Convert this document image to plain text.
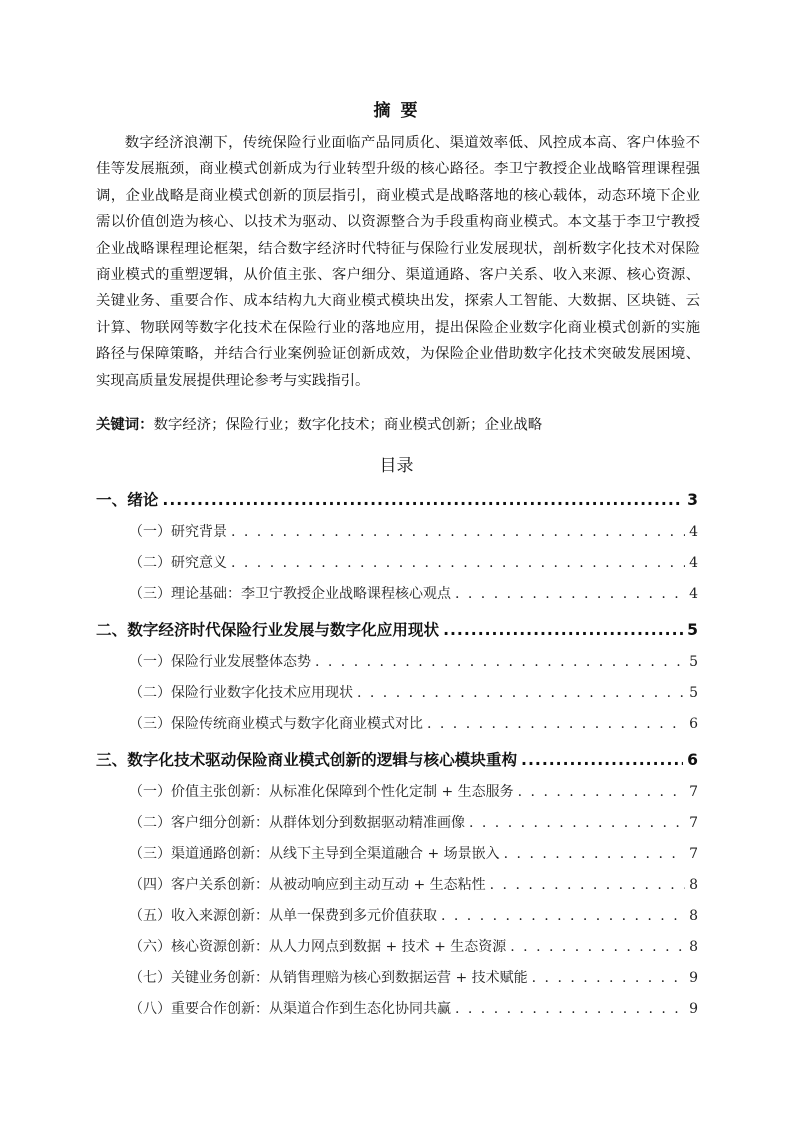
摘 要

数字经济浪潮下，传统保险行业面临产品同质化、渠道效率低、风控成本高、客户体验不佳等发展瓶颈，商业模式创新成为行业转型升级的核心路径。李卫宁教授企业战略管理课程强调，企业战略是商业模式创新的顶层指引，商业模式是战略落地的核心载体，动态环境下企业需以价值创造为核心、以技术为驱动、以资源整合为手段重构商业模式。本文基于李卫宁教授企业战略课程理论框架，结合数字经济时代特征与保险行业发展现状，剖析数字化技术对保险商业模式的重塑逻辑，从价值主张、客户细分、渠道通路、客户关系、收入来源、核心资源、关键业务、重要合作、成本结构九大商业模式模块出发，探索人工智能、大数据、区块链、云计算、物联网等数字化技术在保险行业的落地应用，提出保险企业数字化商业模式创新的实施路径与保障策略，并结合行业案例验证创新成效，为保险企业借助数字化技术突破发展困境、实现高质量发展提供理论参考与实践指引。

关键词：数字经济；保险行业；数字化技术；商业模式创新；企业战略

目录
一、绪论 .....	3
（一）研究背景 . . .	4
（二）研究意义 . . .	4
（三）理论基础：李卫宁教授企业战略课程核心观点 . . .	4
二、数字经济时代保险行业发展与数字化应用现状 .....	5
（一）保险行业发展整体态势 . . .	5
（二）保险行业数字化技术应用现状 . . .	5
（三）保险传统商业模式与数字化商业模式对比 . . .	6
三、数字化技术驱动保险商业模式创新的逻辑与核心模块重构 .....	6
（一）价值主张创新：从标准化保障到个性化定制 + 生态服务 . . .	7
（二）客户细分创新：从群体划分到数据驱动精准画像 . . .	7
（三）渠道通路创新：从线下主导到全渠道融合 + 场景嵌入 . . .	7
（四）客户关系创新：从被动响应到主动互动 + 生态粘性 . . .	8
（五）收入来源创新：从单一保费到多元价值获取 . . .	8
（六）核心资源创新：从人力网点到数据 + 技术 + 生态资源 . . .	8
（七）关键业务创新：从销售理赔为核心到数据运营 + 技术赋能 . . .	9
（八）重要合作创新：从渠道合作到生态化协同共赢 . . .	9
